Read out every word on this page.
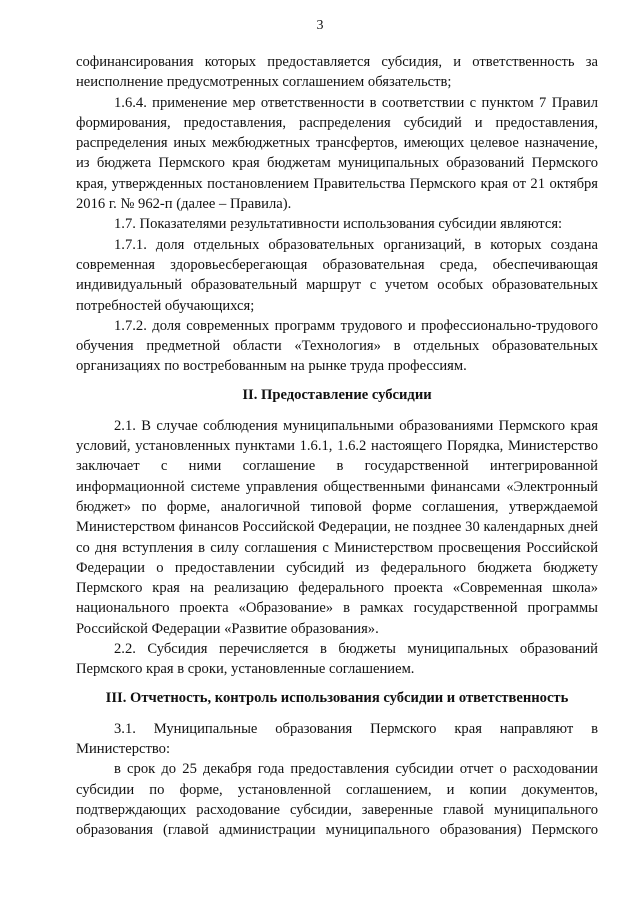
3

софинансирования которых предоставляется субсидия, и ответственность за неисполнение предусмотренных соглашением обязательств;

1.6.4. применение мер ответственности в соответствии с пунктом 7 Правил формирования, предоставления, распределения субсидий и предоставления, распределения иных межбюджетных трансфертов, имеющих целевое назначение, из бюджета Пермского края бюджетам муниципальных образований Пермского края, утвержденных постановлением Правительства Пермского края от 21 октября 2016 г. № 962-п (далее – Правила).

1.7. Показателями результативности использования субсидии являются:

1.7.1. доля отдельных образовательных организаций, в которых создана современная здоровьесберегающая образовательная среда, обеспечивающая индивидуальный образовательный маршрут с учетом особых образовательных потребностей обучающихся;

1.7.2. доля современных программ трудового и профессионально-трудового обучения предметной области «Технология» в отдельных образовательных организациях по востребованным на рынке труда профессиям.

II. Предоставление субсидии

2.1. В случае соблюдения муниципальными образованиями Пермского края условий, установленных пунктами 1.6.1, 1.6.2 настоящего Порядка, Министерство заключает с ними соглашение в государственной интегрированной информационной системе управления общественными финансами «Электронный бюджет» по форме, аналогичной типовой форме соглашения, утверждаемой Министерством финансов Российской Федерации, не позднее 30 календарных дней со дня вступления в силу соглашения с Министерством просвещения Российской Федерации о предоставлении субсидий из федерального бюджета бюджету Пермского края на реализацию федерального проекта «Современная школа» национального проекта «Образование» в рамках государственной программы Российской Федерации «Развитие образования».

2.2. Субсидия перечисляется в бюджеты муниципальных образований Пермского края в сроки, установленные соглашением.

III. Отчетность, контроль использования субсидии и ответственность

3.1. Муниципальные образования Пермского края направляют в Министерство:

в срок до 25 декабря года предоставления субсидии отчет о расходовании субсидии по форме, установленной соглашением, и копии документов, подтверждающих расходование субсидии, заверенные главой муниципального образования (главой администрации муниципального образования) Пермского
